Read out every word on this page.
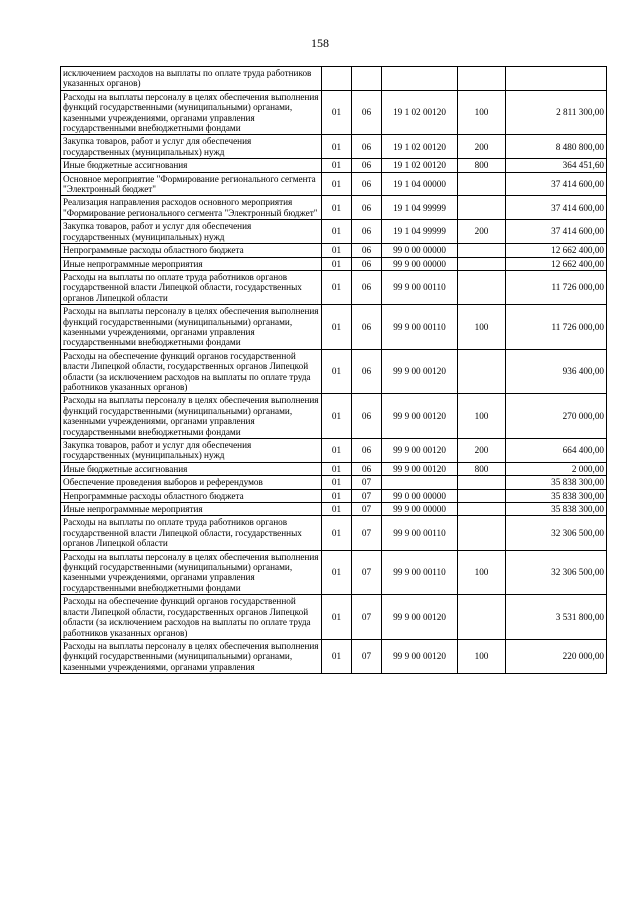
158
исключением расходов на выплаты по оплате труда работников указанных органов)					
Расходы на выплаты персоналу в целях обеспечения выполнения функций государственными (муниципальными) органами, казенными учреждениями, органами управления государственными внебюджетными фондами	01	06	19 1 02 00120	100	2 811 300,00
Закупка товаров, работ и услуг для обеспечения государственных (муниципальных) нужд	01	06	19 1 02 00120	200	8 480 800,00
Иные бюджетные ассигнования	01	06	19 1 02 00120	800	364 451,60
Основное мероприятие "Формирование регионального сегмента "Электронный бюджет"	01	06	19 1 04 00000		37 414 600,00
Реализация направления расходов основного мероприятия "Формирование регионального сегмента "Электронный бюджет"	01	06	19 1 04 99999		37 414 600,00
Закупка товаров, работ и услуг для обеспечения государственных (муниципальных) нужд	01	06	19 1 04 99999	200	37 414 600,00
Непрограммные расходы областного бюджета	01	06	99 0 00 00000		12 662 400,00
Иные непрограммные мероприятия	01	06	99 9 00 00000		12 662 400,00
Расходы на выплаты по оплате труда работников органов государственной власти Липецкой области, государственных органов Липецкой области	01	06	99 9 00 00110		11 726 000,00
Расходы на выплаты персоналу в целях обеспечения выполнения функций государственными (муниципальными) органами, казенными учреждениями, органами управления государственными внебюджетными фондами	01	06	99 9 00 00110	100	11 726 000,00
Расходы на обеспечение функций органов государственной власти Липецкой области, государственных органов Липецкой области (за исключением расходов на выплаты по оплате труда работников указанных органов)	01	06	99 9 00 00120		936 400,00
Расходы на выплаты персоналу в целях обеспечения выполнения функций государственными (муниципальными) органами, казенными учреждениями, органами управления государственными внебюджетными фондами	01	06	99 9 00 00120	100	270 000,00
Закупка товаров, работ и услуг для обеспечения государственных (муниципальных) нужд	01	06	99 9 00 00120	200	664 400,00
Иные бюджетные ассигнования	01	06	99 9 00 00120	800	2 000,00
Обеспечение проведения выборов и референдумов	01	07			35 838 300,00
Непрограммные расходы областного бюджета	01	07	99 0 00 00000		35 838 300,00
Иные непрограммные мероприятия	01	07	99 9 00 00000		35 838 300,00
Расходы на выплаты по оплате труда работников органов государственной власти Липецкой области, государственных органов Липецкой области	01	07	99 9 00 00110		32 306 500,00
Расходы на выплаты персоналу в целях обеспечения выполнения функций государственными (муниципальными) органами, казенными учреждениями, органами управления государственными внебюджетными фондами	01	07	99 9 00 00110	100	32 306 500,00
Расходы на обеспечение функций органов государственной власти Липецкой области, государственных органов Липецкой области (за исключением расходов на выплаты по оплате труда работников указанных органов)	01	07	99 9 00 00120		3 531 800,00
Расходы на выплаты персоналу в целях обеспечения выполнения функций государственными (муниципальными) органами, казенными учреждениями, органами управления	01	07	99 9 00 00120	100	220 000,00
